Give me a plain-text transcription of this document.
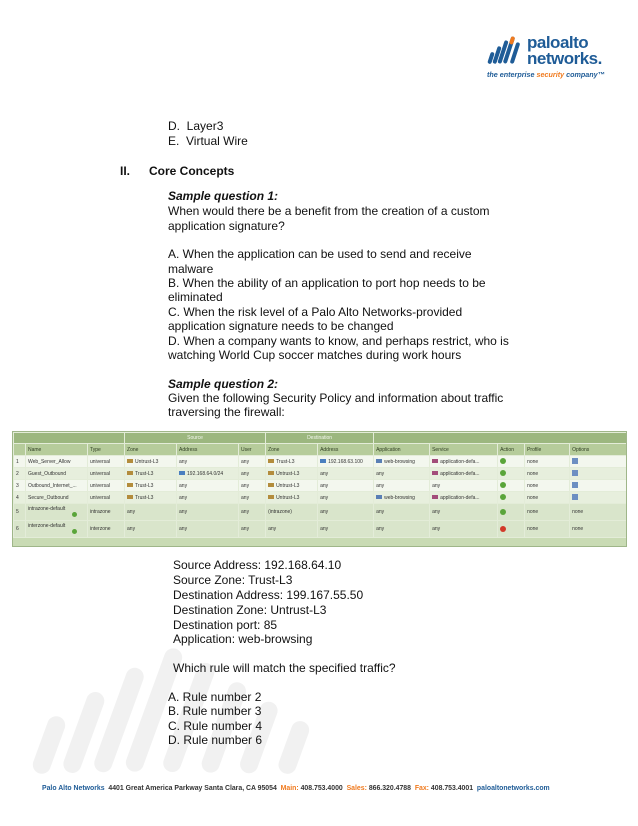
paloalto
networks.
the enterprise security company™
D. Layer3
E. Virtual Wire
II. Core Concepts
Sample question 1:
When would there be a benefit from the creation of a custom
application signature?
A. When the application can be used to send and receive
malware
B. When the ability of an application to port hop needs to be
eliminated
C. When the risk level of a Palo Alto Networks-provided
application signature needs to be changed
D. When a company wants to know, and perhaps restrict, who is
watching World Cup soccer matches during work hours
Sample question 2:
Given the following Security Policy and information about traffic
traversing the firewall:
			Source			Destination						
	Name	Type	Zone	Address	User	Zone	Address	Application	Service	Action	Profile	Options
1	Web_Server_Allow	universal	Untrust-L3	any	any	Trust-L3	192.168.63.100	web-browsing	application-defa...		none	
2	Guest_Outbound	universal	Trust-L3	192.168.64.0/24	any	Untrust-L3	any	any	application-defa...		none	
3	Outbound_Internet_...	universal	Trust-L3	any	any	Untrust-L3	any	any	any		none	
4	Secure_Outbound	universal	Trust-L3	any	any	Untrust-L3	any	web-browsing	application-defa...		none	
5	intrazone-default	intrazone	any	any	any	(intrazone)	any	any	any		none	none
6	interzone-default	interzone	any	any	any	any	any	any	any		none	none
Source Address: 192.168.64.10
Source Zone: Trust-L3
Destination Address: 199.167.55.50
Destination Zone: Untrust-L3
Destination port: 85
Application: web-browsing
Which rule will match the specified traffic?
A. Rule number 2
B. Rule number 3
C. Rule number 4
D. Rule number 6
Palo Alto Networks 4401 Great America Parkway Santa Clara, CA 95054 Main: 408.753.4000 Sales: 866.320.4788 Fax: 408.753.4001 paloaltonetworks.com
